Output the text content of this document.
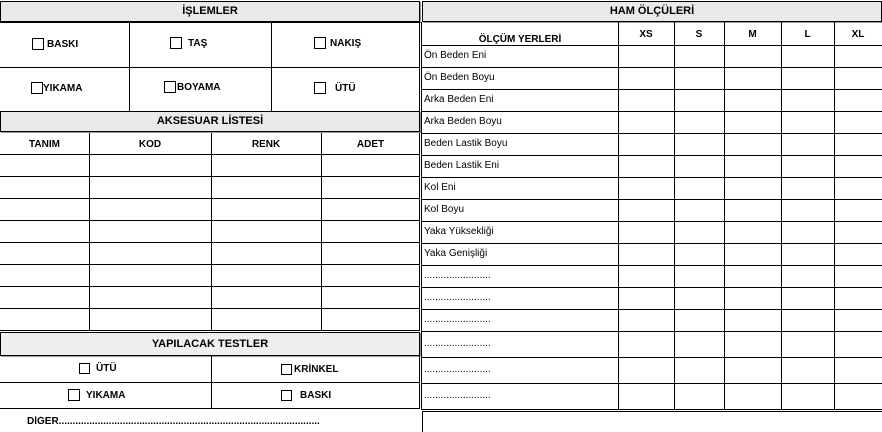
İŞLEMLER
BASKI	TAŞ	NAKIŞ
YIKAMA	BOYAMA	ÜTÜ
AKSESUAR LİSTESİ
TANIM	KOD	RENK	ADET
YAPILACAK TESTLER
ÜTÜ	KRİNKEL
YIKAMA	BASKI
DİĞER..............................................................................................
HAM ÖLÇÜLERİ
ÖLÇÜM YERLERİ	XS	S	M	L	XL
Ön Beden Eni
Ön Beden Boyu
Arka Beden Eni
Arka Beden Boyu
Beden Lastik Boyu
Beden Lastik Eni
Kol Eni
Kol Boyu
Yaka Yüksekliği
Yaka Genişliği
........................
........................
........................
........................
........................
........................
